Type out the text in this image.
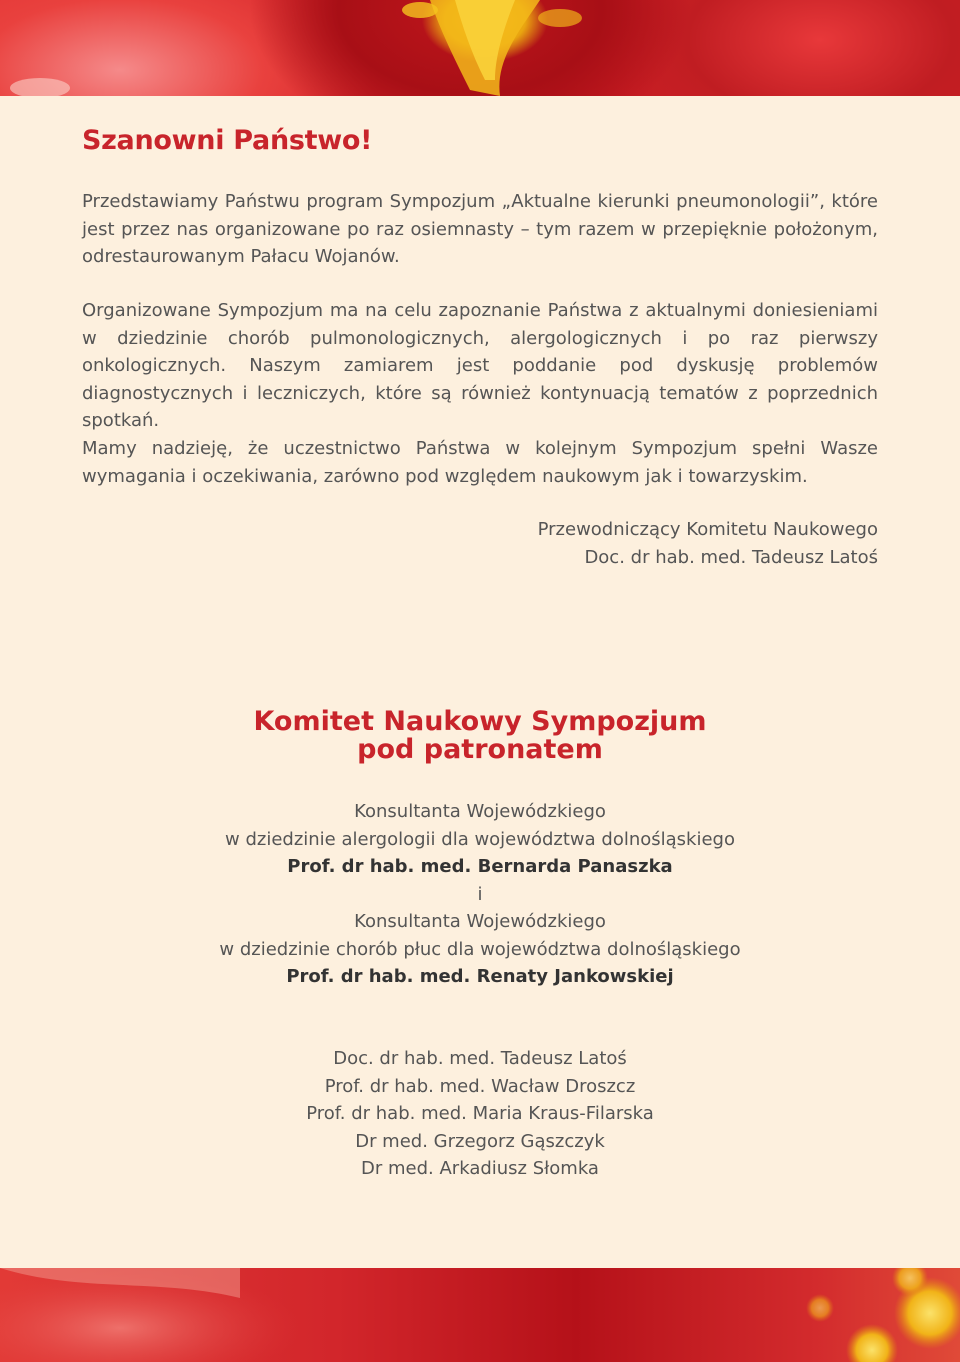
Szanowni Państwo!

Przedstawiamy Państwu program Sympozjum „Aktualne kierunki pneumonologii”, które jest przez nas organizowane po raz osiemnasty – tym razem w przepięknie położonym, odrestaurowanym Pałacu Wojanów.

Organizowane Sympozjum ma na celu zapoznanie Państwa z aktualnymi doniesieniami w dziedzinie chorób pulmonologicznych, alergologicznych i po raz pierwszy onkologicznych. Naszym zamiarem jest poddanie pod dyskusję problemów diagnostycznych i leczniczych, które są również kontynuacją tematów z poprzednich spotkań.

Mamy nadzieję, że uczestnictwo Państwa w kolejnym Sympozjum spełni Wasze wymagania i oczekiwania, zarówno pod względem naukowym jak i towarzyskim.

Przewodniczący Komitetu Naukowego
Doc. dr hab. med. Tadeusz Latoś
Komitet Naukowy Sympozjum
pod patronatem
Konsultanta Wojewódzkiego
w dziedzinie alergologii dla województwa dolnośląskiego
Prof. dr hab. med. Bernarda Panaszka
i
Konsultanta Wojewódzkiego
w dziedzinie chorób płuc dla województwa dolnośląskiego
Prof. dr hab. med. Renaty Jankowskiej
Doc. dr hab. med. Tadeusz Latoś
Prof. dr hab. med. Wacław Droszcz
Prof. dr hab. med. Maria Kraus-Filarska
Dr med. Grzegorz Gąszczyk
Dr med. Arkadiusz Słomka
